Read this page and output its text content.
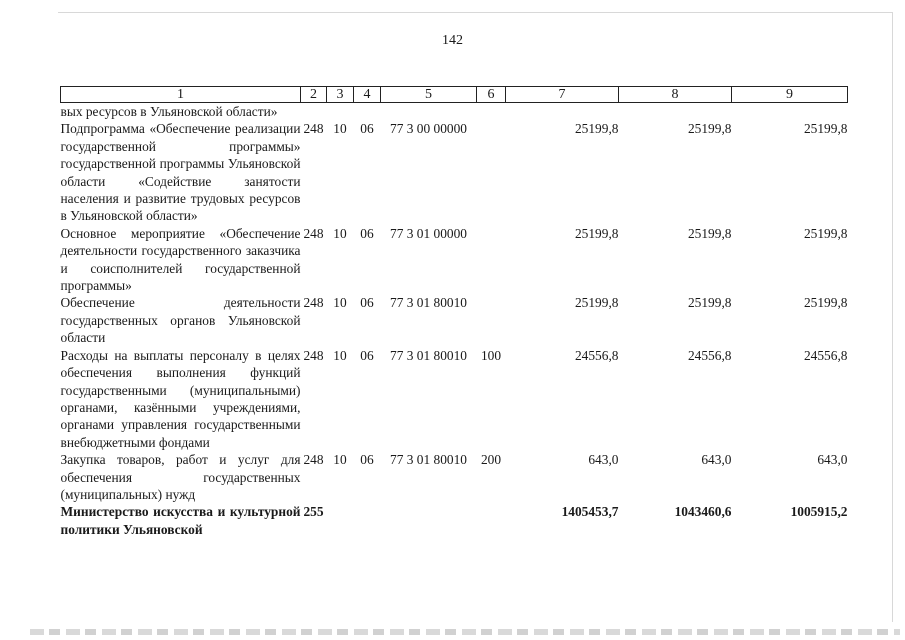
142
1	2	3	4	5	6	7	8	9
вых ресурсов в Ульяновской области»								
Подпрограмма «Обеспечение реализации государственной программы» государственной программы Ульяновской области «Содействие занятости населения и развитие трудовых ресурсов в Ульяновской области»	248	10	06	77 3 00 00000		25199,8	25199,8	25199,8
Основное мероприятие «Обеспечение деятельности государственного заказчика и соисполнителей государственной программы»	248	10	06	77 3 01 00000		25199,8	25199,8	25199,8
Обеспечение деятельности государственных органов Ульяновской области	248	10	06	77 3 01 80010		25199,8	25199,8	25199,8
Расходы на выплаты персоналу в целях обеспечения выполнения функций государственными (муниципальными) органами, казёнными учреждениями, органами управления государственными внебюджетными фондами	248	10	06	77 3 01 80010	100	24556,8	24556,8	24556,8
Закупка товаров, работ и услуг для обеспечения государственных (муниципальных) нужд	248	10	06	77 3 01 80010	200	643,0	643,0	643,0
Министерство искусства и культурной политики Ульяновской	255					1405453,7	1043460,6	1005915,2
